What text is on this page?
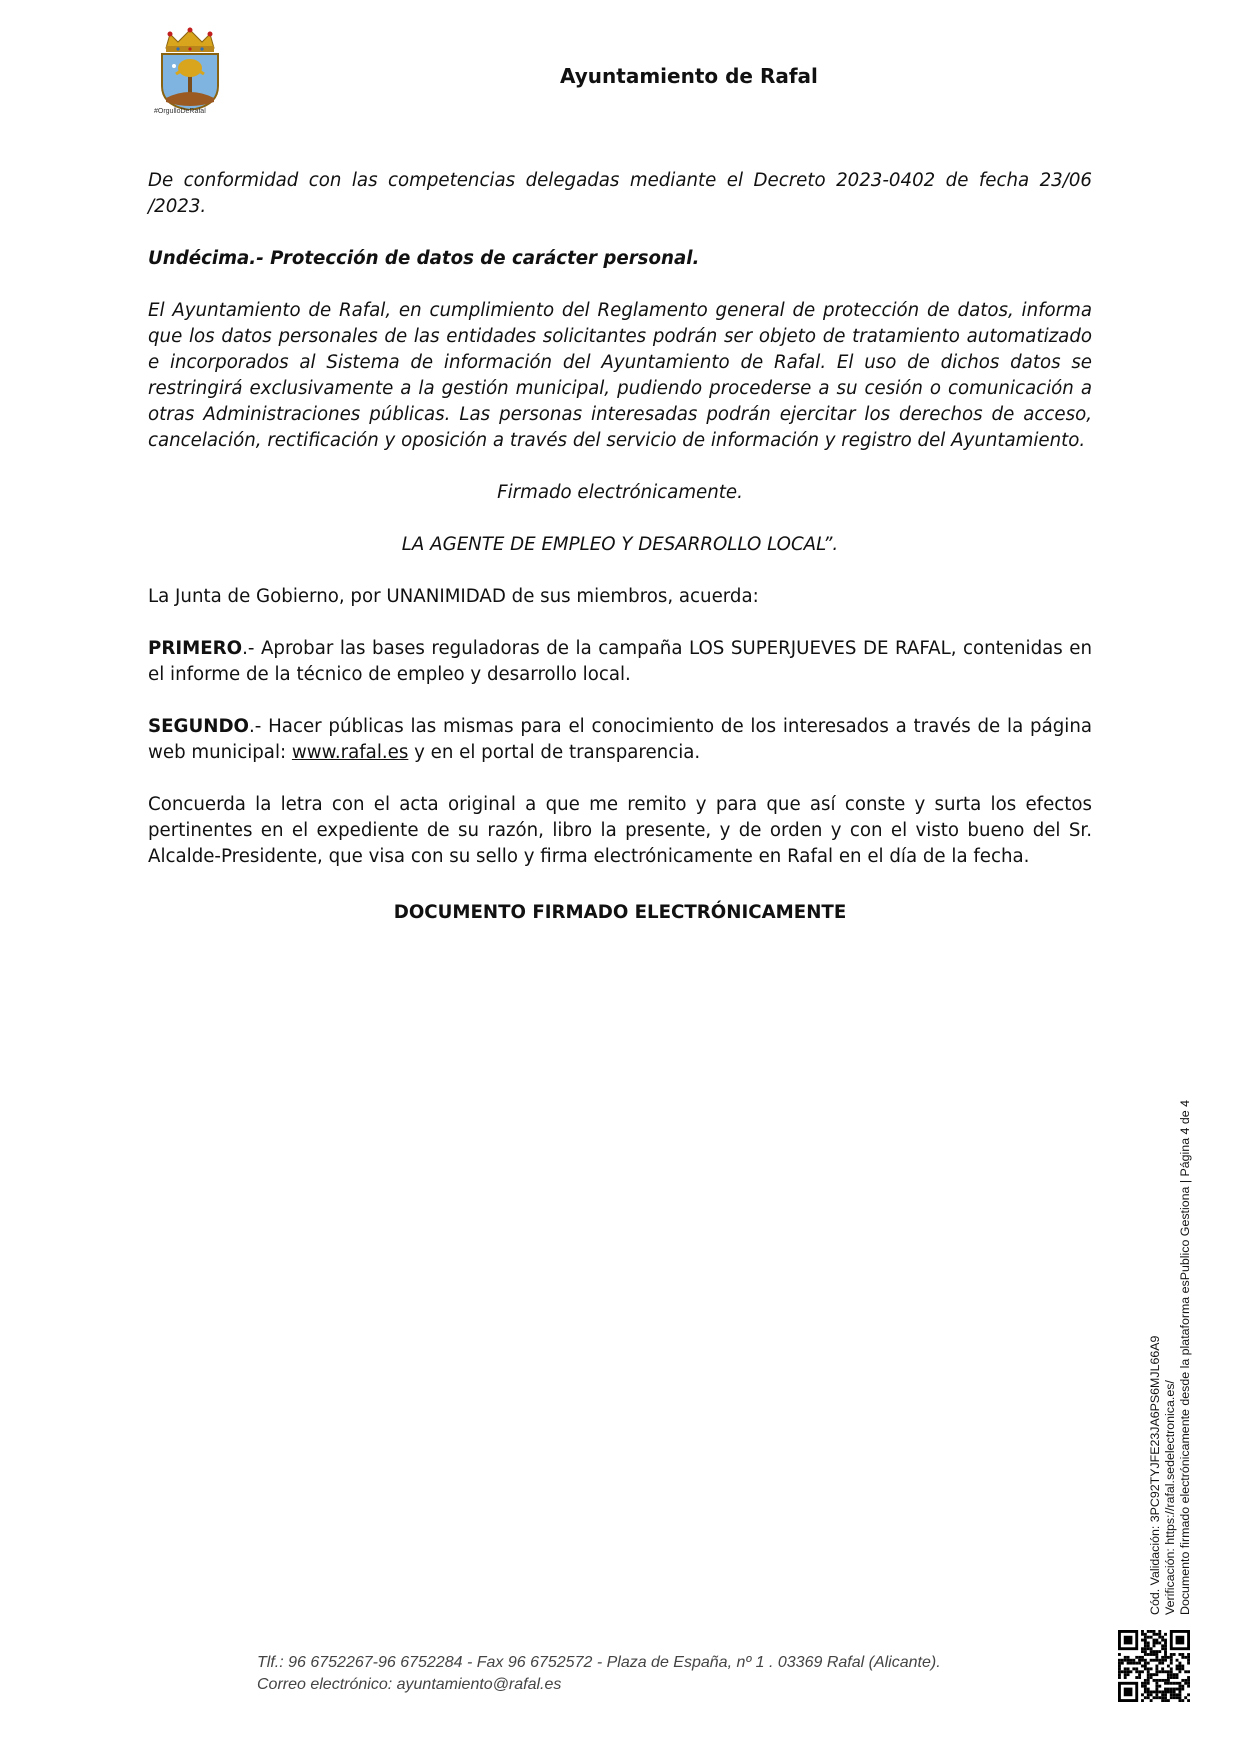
#OrgulloDeRafal
Ayuntamiento de Rafal

De conformidad con las competencias delegadas mediante el Decreto 2023-0402 de fecha 23/06 /2023.

Undécima.- Protección de datos de carácter personal.

El Ayuntamiento de Rafal, en cumplimiento del Reglamento general de protección de datos, informa que los datos personales de las entidades solicitantes podrán ser objeto de tratamiento automatizado e incorporados al Sistema de información del Ayuntamiento de Rafal. El uso de dichos datos se restringirá exclusivamente a la gestión municipal, pudiendo procederse a su cesión o comunicación a otras Administraciones públicas. Las personas interesadas podrán ejercitar los derechos de acceso, cancelación, rectificación y oposición a través del servicio de información y registro del Ayuntamiento.

Firmado electrónicamente.

LA AGENTE DE EMPLEO Y DESARROLLO LOCAL”.

La Junta de Gobierno, por UNANIMIDAD de sus miembros, acuerda:

PRIMERO.- Aprobar las bases reguladoras de la campaña LOS SUPERJUEVES DE RAFAL, contenidas en el informe de la técnico de empleo y desarrollo local.

SEGUNDO.- Hacer públicas las mismas para el conocimiento de los interesados a través de la página web municipal: www.rafal.es y en el portal de transparencia.

Concuerda la letra con el acta original a que me remito y para que así conste y surta los efectos pertinentes en el expediente de su razón, libro la presente, y de orden y con el visto bueno del Sr. Alcalde-Presidente, que visa con su sello y firma electrónicamente en Rafal en el día de la fecha.

DOCUMENTO FIRMADO ELECTRÓNICAMENTE

Cód. Validación: 3PC92TYJFE23JA6PS6MJL66A9 Verificación: https://rafal.sedelectronica.es/ Documento firmado electrónicamente desde la plataforma esPublico Gestiona | Página 4 de 4
Tlf.: 96 6752267-96 6752284 - Fax 96 6752572 - Plaza de España, nº 1 . 03369 Rafal (Alicante).
Correo electrónico: ayuntamiento@rafal.es
